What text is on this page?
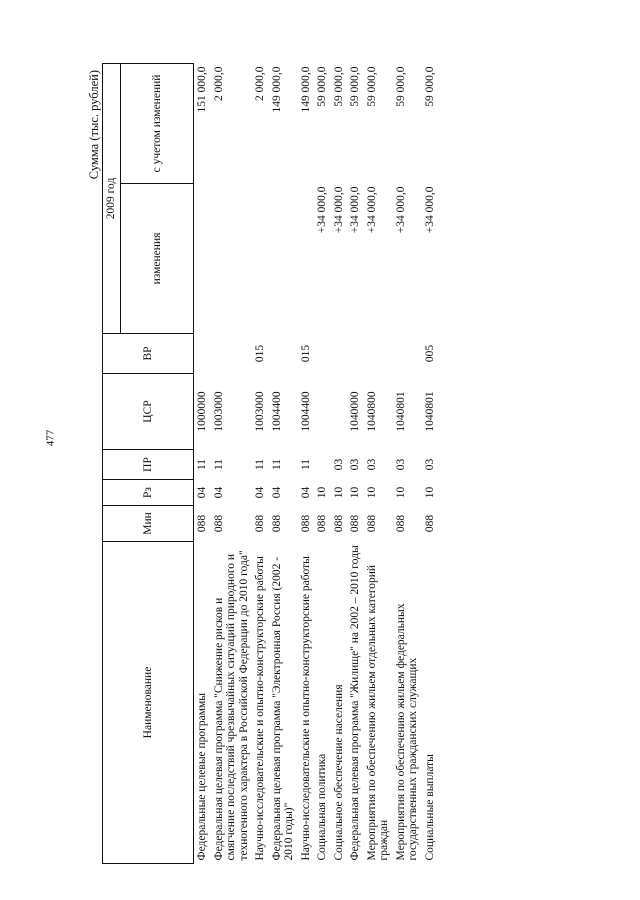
477
Сумма (тыс. рублей)
Наименование	Мин	Рз	ПР	ЦСР	ВР	2009 год	
						изменения	с учетом изменений
Федеральные целевые программы	088	04	11	1000000			151 000,0
Федеральная целевая программа "Снижение рисков и смягчение последствий чрезвычайных ситуаций природного и техногенного характера в Российской Федерации до 2010 года"	088	04	11	1003000			2 000,0
Научно-исследовательские и опытно-конструкторские работы	088	04	11	1003000	015		2 000,0
Федеральная целевая программа "Электронная Россия (2002 - 2010 годы)"	088	04	11	1004400			149 000,0
Научно-исследовательские и опытно-конструкторские работы	088	04	11	1004400	015		149 000,0
Социальная политика	088	10				+34 000,0	59 000,0
Социальное обеспечение населения	088	10	03			+34 000,0	59 000,0
Федеральная целевая программа "Жилище" на 2002 – 2010 годы	088	10	03	1040000		+34 000,0	59 000,0
Мероприятия по обеспечению жильем отдельных категорий граждан	088	10	03	1040800		+34 000,0	59 000,0
Мероприятия по обеспечению жильем федеральных государственных гражданских служащих	088	10	03	1040801		+34 000,0	59 000,0
Социальные выплаты	088	10	03	1040801	005	+34 000,0	59 000,0
